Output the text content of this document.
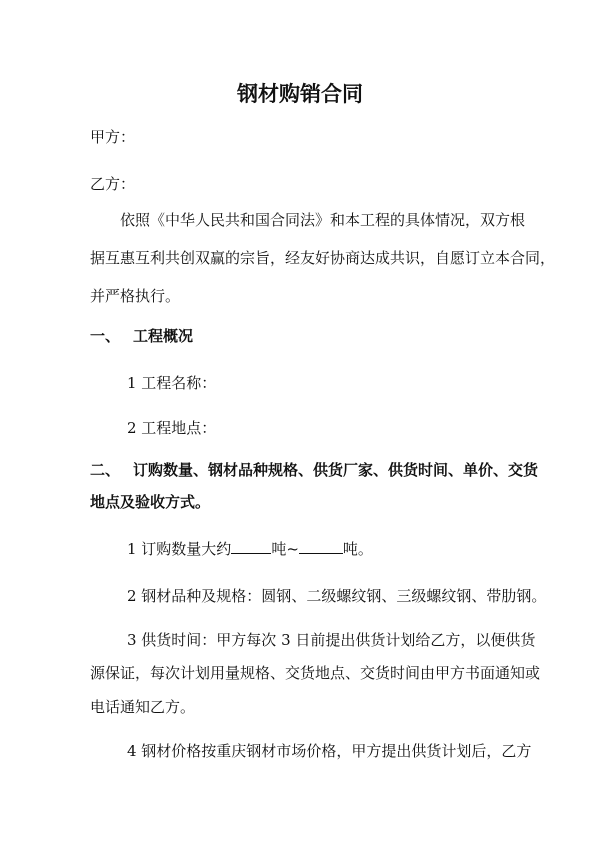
钢材购销合同
甲方：
乙方：
依照《中华人民共和国合同法》和本工程的具体情况，双方根
据互惠互利共创双赢的宗旨，经友好协商达成共识，自愿订立本合同，
并严格执行。
一、 工程概况
1 工程名称：
2 工程地点：
二、 订购数量、钢材品种规格、供货厂家、供货时间、单价、交货
地点及验收方式。
1 订购数量大约	吨~	吨。
2 钢材品种及规格：圆钢、二级螺纹钢、三级螺纹钢、带肋钢。
3 供货时间：甲方每次 3 日前提出供货计划给乙方，以便供货
源保证，每次计划用量规格、交货地点、交货时间由甲方书面通知或
电话通知乙方。
4 钢材价格按重庆钢材市场价格，甲方提出供货计划后，乙方
